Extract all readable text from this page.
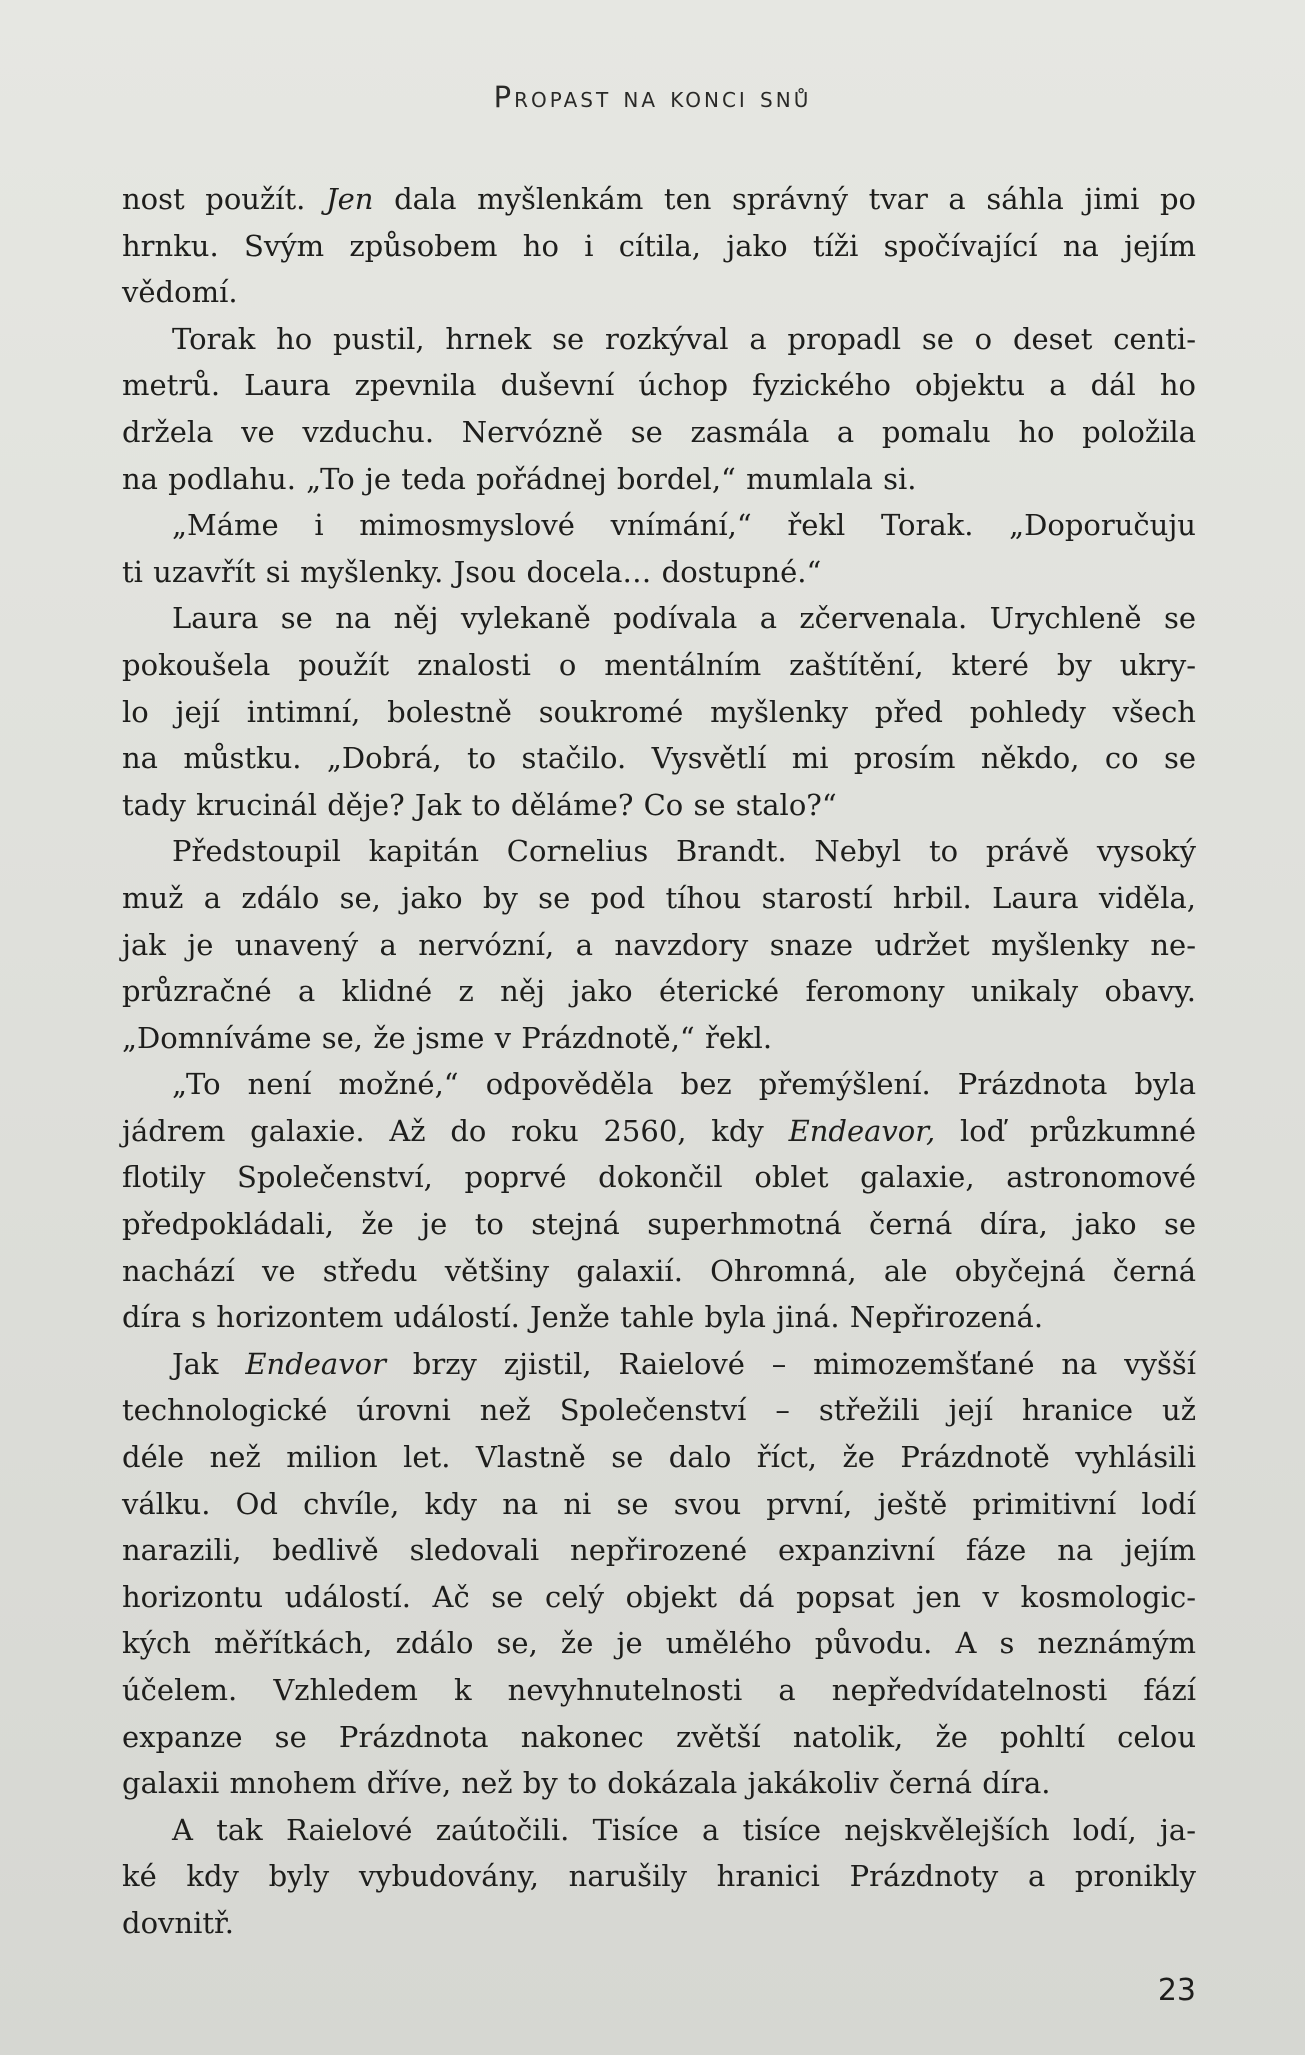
Propast na konci snů
nost použít. Jen dala myšlenkám ten správný tvar a sáhla jimi po
hrnku. Svým způsobem ho i cítila, jako tíži spočívající na jejím
vědomí.
Torak ho pustil, hrnek se rozkýval a propadl se o deset centi-
metrů. Laura zpevnila duševní úchop fyzického objektu a dál ho
držela ve vzduchu. Nervózně se zasmála a pomalu ho položila
na podlahu. „To je teda pořádnej bordel,“ mumlala si.
„Máme i mimosmyslové vnímání,“ řekl Torak. „Doporučuju
ti uzavřít si myšlenky. Jsou docela… dostupné.“
Laura se na něj vylekaně podívala a zčervenala. Urychleně se
pokoušela použít znalosti o mentálním zaštítění, které by ukry-
lo její intimní, bolestně soukromé myšlenky před pohledy všech
na můstku. „Dobrá, to stačilo. Vysvětlí mi prosím někdo, co se
tady krucinál děje? Jak to děláme? Co se stalo?“
Předstoupil kapitán Cornelius Brandt. Nebyl to právě vysoký
muž a zdálo se, jako by se pod tíhou starostí hrbil. Laura viděla,
jak je unavený a nervózní, a navzdory snaze udržet myšlenky ne-
průzračné a klidné z něj jako éterické feromony unikaly obavy.
„Domníváme se, že jsme v Prázdnotě,“ řekl.
„To není možné,“ odpověděla bez přemýšlení. Prázdnota byla
jádrem galaxie. Až do roku 2560, kdy Endeavor, loď průzkumné
flotily Společenství, poprvé dokončil oblet galaxie, astronomové
předpokládali, že je to stejná superhmotná černá díra, jako se
nachází ve středu většiny galaxií. Ohromná, ale obyčejná černá
díra s horizontem událostí. Jenže tahle byla jiná. Nepřirozená.
Jak Endeavor brzy zjistil, Raielové – mimozemšťané na vyšší
technologické úrovni než Společenství – střežili její hranice už
déle než milion let. Vlastně se dalo říct, že Prázdnotě vyhlásili
válku. Od chvíle, kdy na ni se svou první, ještě primitivní lodí
narazili, bedlivě sledovali nepřirozené expanzivní fáze na jejím
horizontu událostí. Ač se celý objekt dá popsat jen v kosmologic-
kých měřítkách, zdálo se, že je umělého původu. A s neznámým
účelem. Vzhledem k nevyhnutelnosti a nepředvídatelnosti fází
expanze se Prázdnota nakonec zvětší natolik, že pohltí celou
galaxii mnohem dříve, než by to dokázala jakákoliv černá díra.
A tak Raielové zaútočili. Tisíce a tisíce nejskvělejších lodí, ja-
ké kdy byly vybudovány, narušily hranici Prázdnoty a pronikly
dovnitř.
23
